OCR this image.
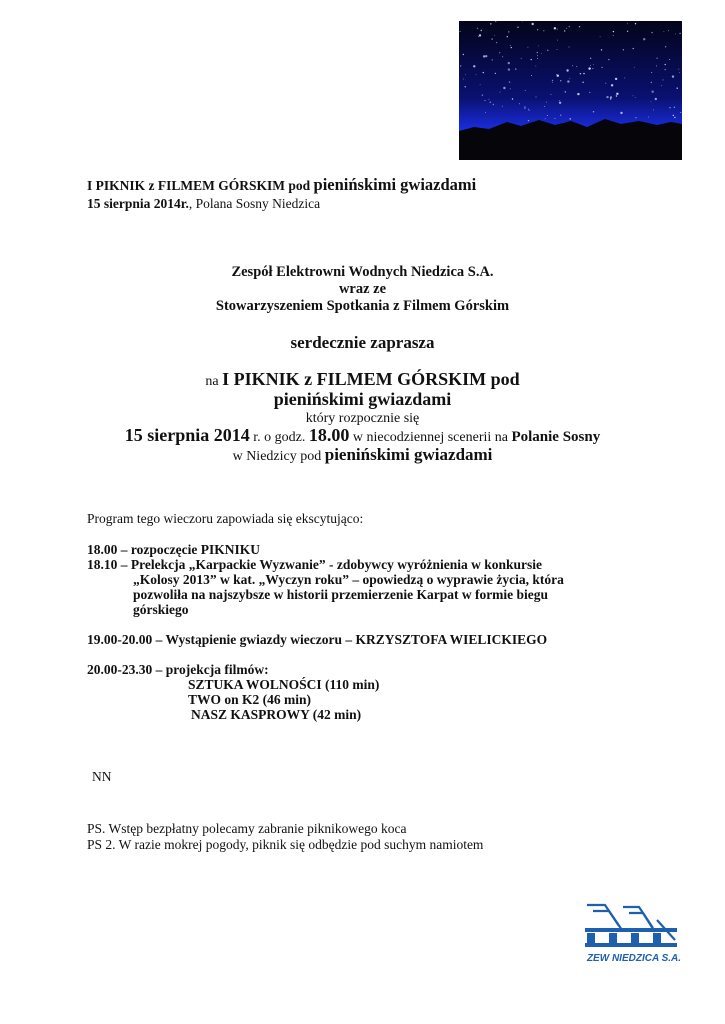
I PIKNIK z FILMEM GÓRSKIM pod pienińskimi gwiazdami
15 sierpnia 2014r., Polana Sosny Niedzica
Zespół Elektrowni Wodnych Niedzica S.A.
wraz ze
Stowarzyszeniem Spotkania z Filmem Górskim
serdecznie zaprasza
na I PIKNIK z FILMEM GÓRSKIM pod
pienińskimi gwiazdami
który rozpocznie się
15 sierpnia 2014 r. o godz. 18.00 w niecodziennej scenerii na Polanie Sosny
w Niedzicy pod pienińskimi gwiazdami
Program tego wieczoru zapowiada się ekscytująco:
18.00 – rozpoczęcie PIKNIKU
18.10 – Prelekcja „Karpackie Wyzwanie” - zdobywcy wyróżnienia w konkursie
„Kolosy 2013” w kat. „Wyczyn roku” – opowiedzą o wyprawie życia, która
pozwoliła na najszybsze w historii przemierzenie Karpat w formie biegu
górskiego
19.00-20.00 – Wystąpienie gwiazdy wieczoru – KRZYSZTOFA WIELICKIEGO
20.00-23.30 – projekcja filmów:
SZTUKA WOLNOŚCI (110 min)
TWO on K2 (46 min)
NASZ KASPROWY (42 min)
NN
PS. Wstęp bezpłatny polecamy zabranie piknikowego koca
PS 2. W razie mokrej pogody, piknik się odbędzie pod suchym namiotem
ZEW NIEDZICA S.A.
